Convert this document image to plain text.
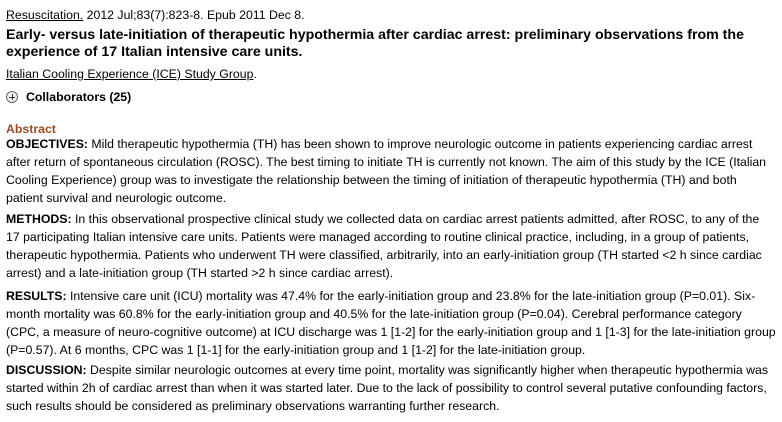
Resuscitation. 2012 Jul;83(7):823-8. Epub 2011 Dec 8.
Early- versus late-initiation of therapeutic hypothermia after cardiac arrest: preliminary observations from the experience of 17 Italian intensive care units.
Italian Cooling Experience (ICE) Study Group.
Collaborators (25)
Abstract

OBJECTIVES: Mild therapeutic hypothermia (TH) has been shown to improve neurologic outcome in patients experiencing cardiac arrest after return of spontaneous circulation (ROSC). The best timing to initiate TH is currently not known. The aim of this study by the ICE (Italian Cooling Experience) group was to investigate the relationship between the timing of initiation of therapeutic hypothermia (TH) and both patient survival and neurologic outcome.

METHODS: In this observational prospective clinical study we collected data on cardiac arrest patients admitted, after ROSC, to any of the 17 participating Italian intensive care units. Patients were managed according to routine clinical practice, including, in a group of patients, therapeutic hypothermia. Patients who underwent TH were classified, arbitrarily, into an early-initiation group (TH started <2 h since cardiac arrest) and a late-initiation group (TH started >2 h since cardiac arrest).

RESULTS: Intensive care unit (ICU) mortality was 47.4% for the early-initiation group and 23.8% for the late-initiation group (P=0.01). Six-month mortality was 60.8% for the early-initiation group and 40.5% for the late-initiation group (P=0.04). Cerebral performance category (CPC, a measure of neuro-cognitive outcome) at ICU discharge was 1 [1-2] for the early-initiation group and 1 [1-3] for the late-initiation group (P=0.57). At 6 months, CPC was 1 [1-1] for the early-initiation group and 1 [1-2] for the late-initiation group.

DISCUSSION: Despite similar neurologic outcomes at every time point, mortality was significantly higher when therapeutic hypothermia was started within 2h of cardiac arrest than when it was started later. Due to the lack of possibility to control several putative confounding factors, such results should be considered as preliminary observations warranting further research.
